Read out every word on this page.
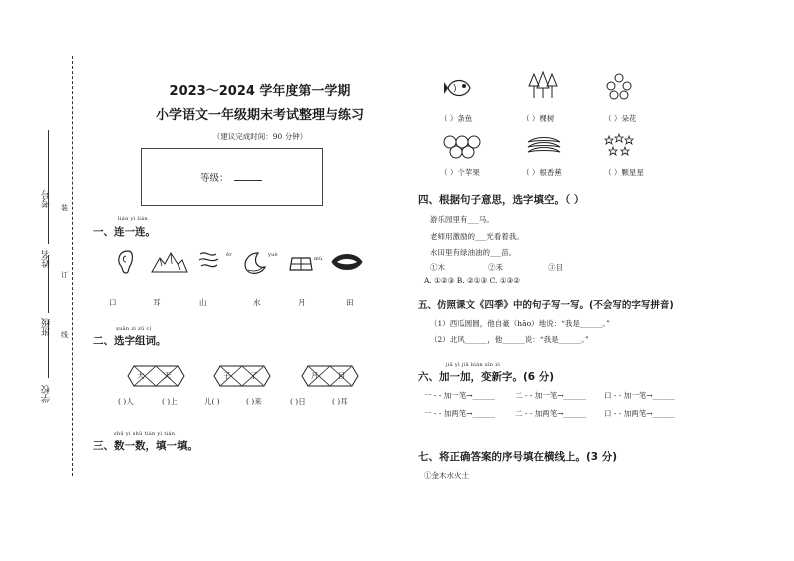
装
订
线
学校
班级
姓名
考号
2023～2024 学年度第一学期
小学语文一年级期末考试整理与练习
（建议完成时间：90 分钟）
等级：
lián yì lián
一、连一连。
ěr	yuè
mù
口	耳	山	水	月	田
xuǎn zì zǔ cí
二、选字组词。
大	天	子	了	月	目
( )人	( )上	儿( )	( )来	( )日	( )耳
shǔ yi shǔ tián yi tián
三、数一数，填一填。
（ ）条鱼	（ ）棵树	（ ）朵花
（ ）个苹果	（ ）根香蕉	（ ）颗星星
四、根据句子意思，选字填空。（ ）
游乐园里有___马。
老师用激励的___光看着我。
水田里有绿油油的___苗。
①木	②禾	③目
A. ①②③ B. ②①③ C. ①③②
五、仿照课文《四季》中的句子写一写。(不会写的字写拼音)
（1）西瓜圆圆，他自豪（hāo）地说：“我是______。”
（2）北风______，他______说：“我是______。”
jiā yì jiā biàn xīn zì
六、加一加，变新字。(6 分)
一 - - 加一笔→______	二 - - 加一笔→______ 口 - - 加一笔→______
一 - - 加两笔→______	二 - - 加两笔→______ 口 - - 加两笔→______
七、将正确答案的序号填在横线上。(3 分)
①金木水火土
